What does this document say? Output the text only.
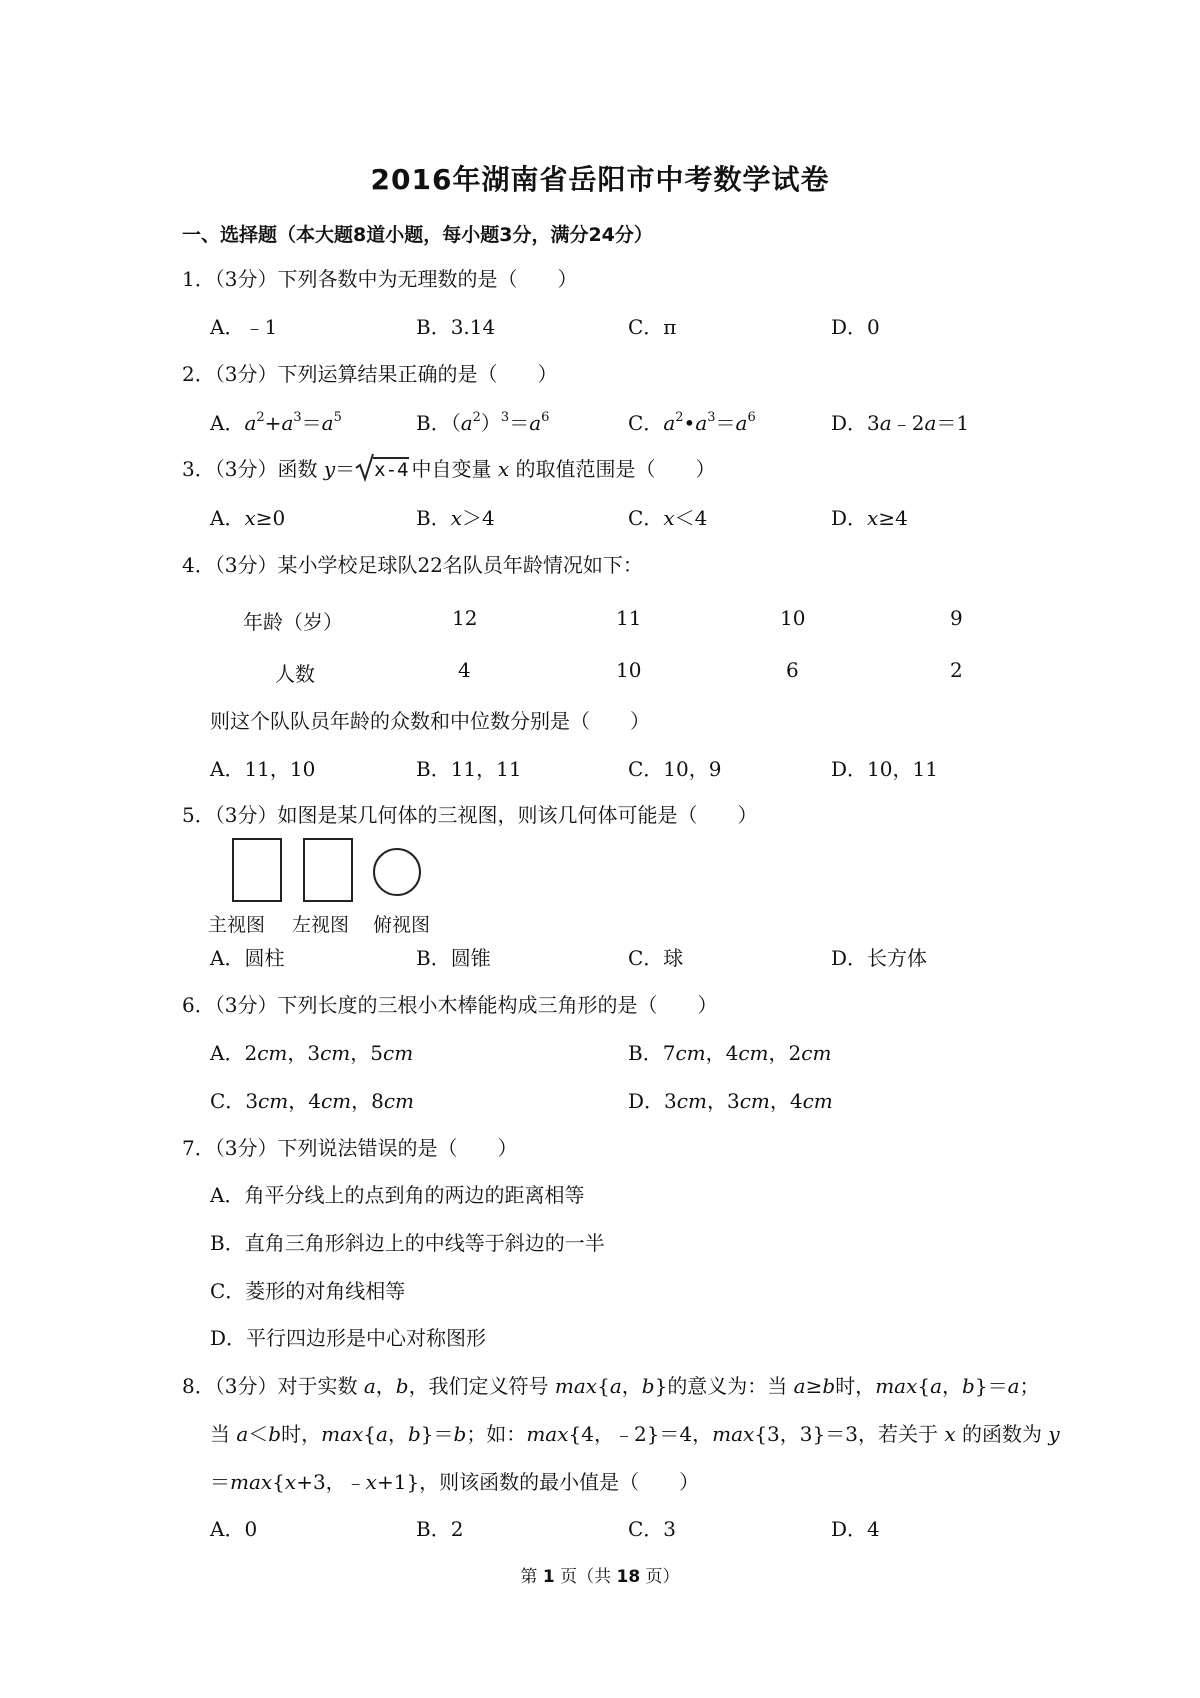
2016年湖南省岳阳市中考数学试卷
一、选择题（本大题8道小题，每小题3分，满分24分）
1．（3分）下列各数中为无理数的是（　　）
A．﹣1	B．3.14	C．π	D．0
2．（3分）下列运算结果正确的是（　　）
A．$a^2+a^3=a^5$	B．$(a^2)^3=a^6$	C．$a^2•a^3=a^6$	D．3a﹣2a＝1
3．（3分）函数 y＝ x-4 中自变量 x 的取值范围是（　　）
A．x≥0	B．x＞4	C．x＜4	D．x≥4
4．（3分）某小学校足球队22名队员年龄情况如下：
年龄（岁）	12	11	10	9
人数	4	10	6	2
则这个队队员年龄的众数和中位数分别是（　　）
A．11，10	B．11，11	C．10，9	D．10，11
5．（3分）如图是某几何体的三视图，则该几何体可能是（　　）
主视图 左视图 俯视图
A．圆柱	B．圆锥	C．球	D．长方体
6．（3分）下列长度的三根小木棒能构成三角形的是（　　）
A．2cm，3cm，5cm	B．7cm，4cm，2cm
C．3cm，4cm，8cm	D．3cm，3cm，4cm
7．（3分）下列说法错误的是（　　）
A．角平分线上的点到角的两边的距离相等
B．直角三角形斜边上的中线等于斜边的一半
C．菱形的对角线相等
D．平行四边形是中心对称图形
8．（3分）对于实数 a，b，我们定义符号 max{a，b}的意义为：当 a≥b时，max{a，b}＝a；
当 a＜b时，max{a，b}＝b；如：max{4，﹣2}＝4，max{3，3}＝3，若关于 x 的函数为 y
＝max{x+3，﹣x+1}，则该函数的最小值是（　　）
A．0	B．2	C．3	D．4
第 1 页（共 18 页）
